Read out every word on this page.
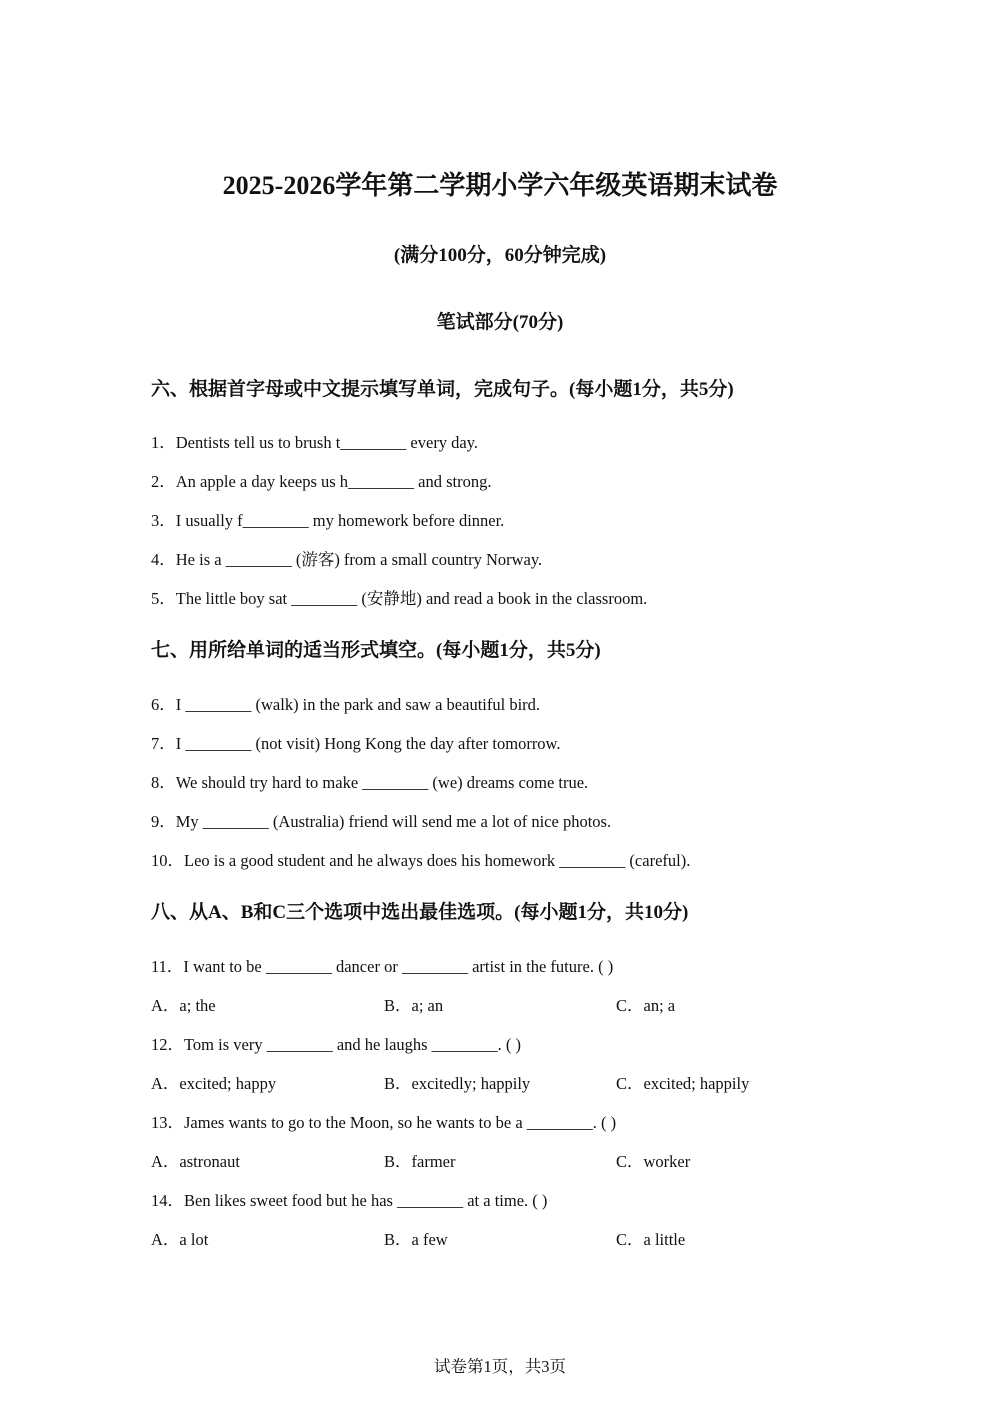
2025-2026学年第二学期小学六年级英语期末试卷
(满分100分，60分钟完成)
笔试部分(70分)
六、根据首字母或中文提示填写单词，完成句子。(每小题1分，共5分)
1．Dentists tell us to brush t________ every day.
2．An apple a day keeps us h________ and strong.
3．I usually f________ my homework before dinner.
4．He is a ________ (游客) from a small country Norway.
5．The little boy sat ________ (安静地) and read a book in the classroom.
七、用所给单词的适当形式填空。(每小题1分，共5分)
6．I ________ (walk) in the park and saw a beautiful bird.
7．I ________ (not visit) Hong Kong the day after tomorrow.
8．We should try hard to make ________ (we) dreams come true.
9．My ________ (Australia) friend will send me a lot of nice photos.
10．Leo is a good student and he always does his homework ________ (careful).
八、从A、B和C三个选项中选出最佳选项。(每小题1分，共10分)
11．I want to be ________ dancer or ________ artist in the future. ( )
A．a; the	B．a; an	C．an; a
12．Tom is very ________ and he laughs ________. ( )
A．excited; happy	B．excitedly; happily	C．excited; happily
13．James wants to go to the Moon, so he wants to be a ________. ( )
A．astronaut	B．farmer	C．worker
14．Ben likes sweet food but he has ________ at a time. ( )
A．a lot	B．a few	C．a little
试卷第1页，共3页
